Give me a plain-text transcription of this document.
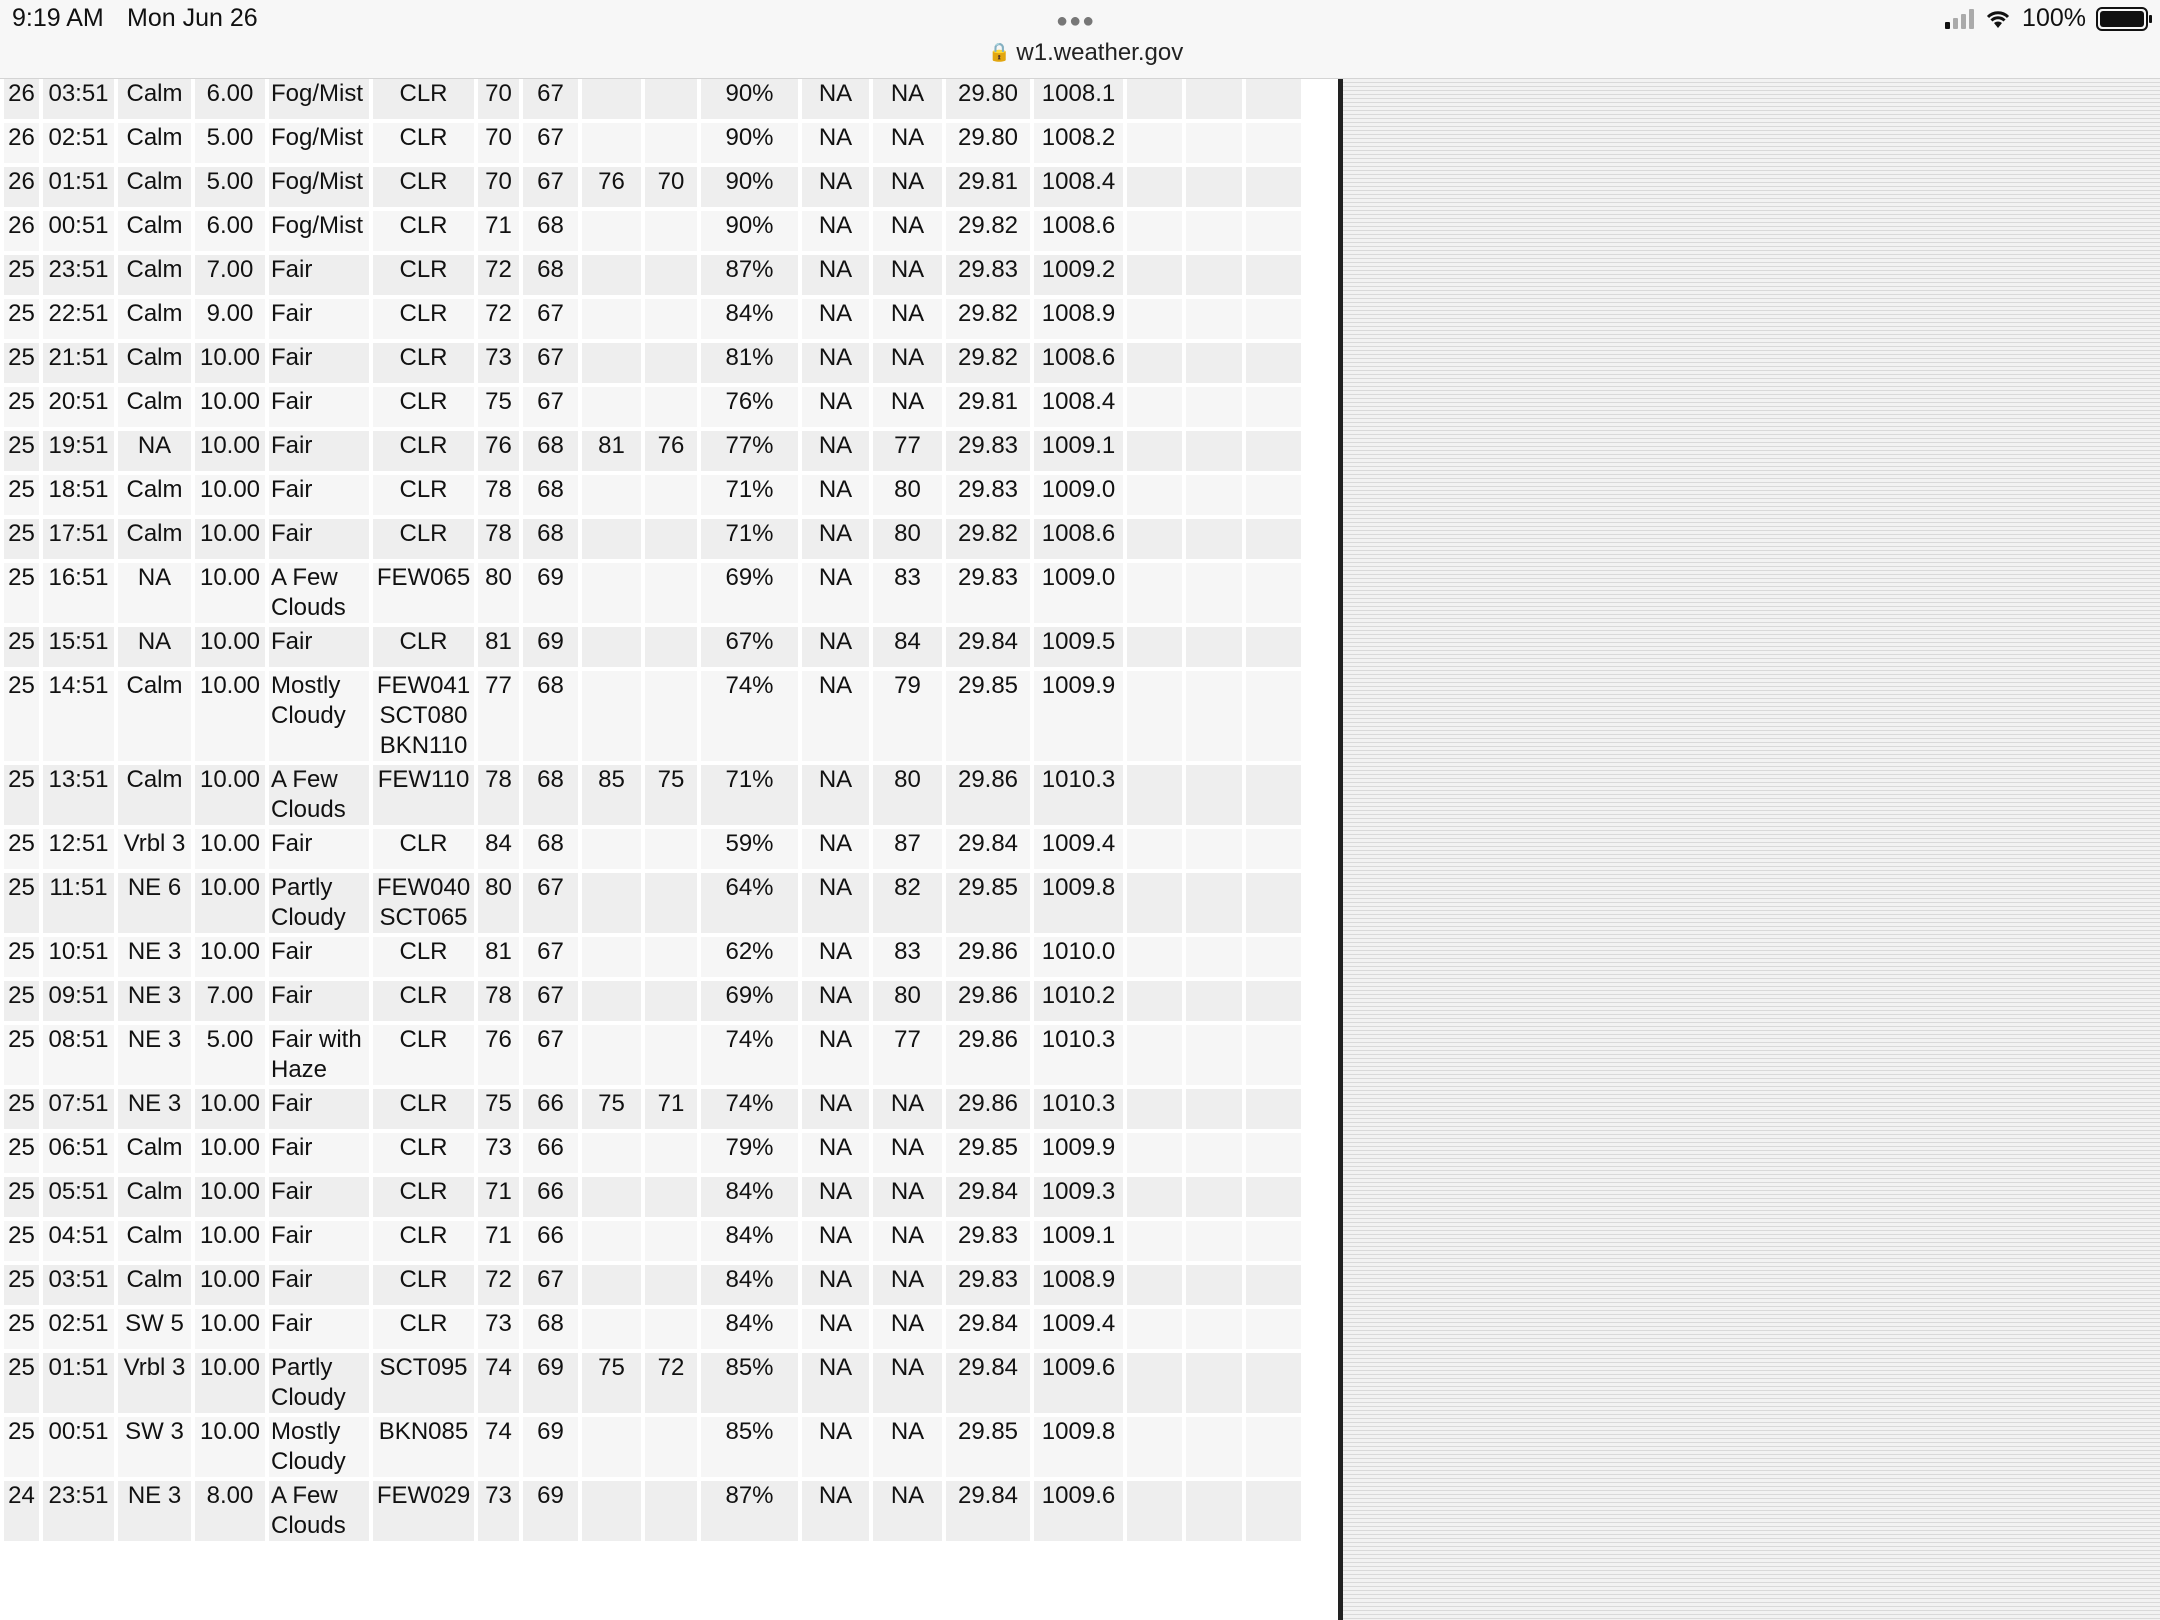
9:19 AM Mon Jun 26	●●●
🔒 w1.weather.gov
100%
26	03:51	Calm	6.00	Fog/Mist	CLR	70	67			90%	NA	NA	29.80	1008.1			
26	02:51	Calm	5.00	Fog/Mist	CLR	70	67			90%	NA	NA	29.80	1008.2			
26	01:51	Calm	5.00	Fog/Mist	CLR	70	67	76	70	90%	NA	NA	29.81	1008.4			
26	00:51	Calm	6.00	Fog/Mist	CLR	71	68			90%	NA	NA	29.82	1008.6			
25	23:51	Calm	7.00	Fair	CLR	72	68			87%	NA	NA	29.83	1009.2			
25	22:51	Calm	9.00	Fair	CLR	72	67			84%	NA	NA	29.82	1008.9			
25	21:51	Calm	10.00	Fair	CLR	73	67			81%	NA	NA	29.82	1008.6			
25	20:51	Calm	10.00	Fair	CLR	75	67			76%	NA	NA	29.81	1008.4			
25	19:51	NA	10.00	Fair	CLR	76	68	81	76	77%	NA	77	29.83	1009.1			
25	18:51	Calm	10.00	Fair	CLR	78	68			71%	NA	80	29.83	1009.0			
25	17:51	Calm	10.00	Fair	CLR	78	68			71%	NA	80	29.82	1008.6			
25	16:51	NA	10.00	A Few Clouds	FEW065	80	69			69%	NA	83	29.83	1009.0			
25	15:51	NA	10.00	Fair	CLR	81	69			67%	NA	84	29.84	1009.5			
25	14:51	Calm	10.00	Mostly Cloudy	FEW041 SCT080 BKN110	77	68			74%	NA	79	29.85	1009.9			
25	13:51	Calm	10.00	A Few Clouds	FEW110	78	68	85	75	71%	NA	80	29.86	1010.3			
25	12:51	Vrbl 3	10.00	Fair	CLR	84	68			59%	NA	87	29.84	1009.4			
25	11:51	NE 6	10.00	Partly Cloudy	FEW040 SCT065	80	67			64%	NA	82	29.85	1009.8			
25	10:51	NE 3	10.00	Fair	CLR	81	67			62%	NA	83	29.86	1010.0			
25	09:51	NE 3	7.00	Fair	CLR	78	67			69%	NA	80	29.86	1010.2			
25	08:51	NE 3	5.00	Fair with Haze	CLR	76	67			74%	NA	77	29.86	1010.3			
25	07:51	NE 3	10.00	Fair	CLR	75	66	75	71	74%	NA	NA	29.86	1010.3			
25	06:51	Calm	10.00	Fair	CLR	73	66			79%	NA	NA	29.85	1009.9			
25	05:51	Calm	10.00	Fair	CLR	71	66			84%	NA	NA	29.84	1009.3			
25	04:51	Calm	10.00	Fair	CLR	71	66			84%	NA	NA	29.83	1009.1			
25	03:51	Calm	10.00	Fair	CLR	72	67			84%	NA	NA	29.83	1008.9			
25	02:51	SW 5	10.00	Fair	CLR	73	68			84%	NA	NA	29.84	1009.4			
25	01:51	Vrbl 3	10.00	Partly Cloudy	SCT095	74	69	75	72	85%	NA	NA	29.84	1009.6			
25	00:51	SW 3	10.00	Mostly Cloudy	BKN085	74	69			85%	NA	NA	29.85	1009.8			
24	23:51	NE 3	8.00	A Few Clouds	FEW029	73	69			87%	NA	NA	29.84	1009.6			
